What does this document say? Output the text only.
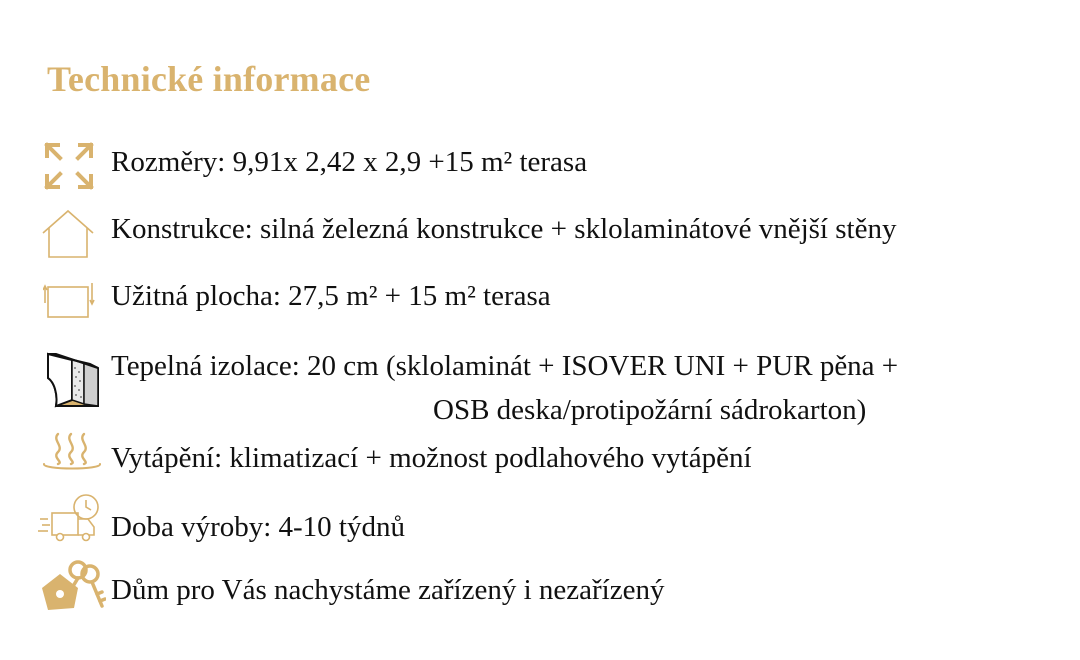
Technické informace
Rozměry: 9,91x 2,42 x 2,9 +15 m² terasa
Konstrukce: silná železná konstrukce + sklolaminátové vnější stěny
Užitná plocha: 27,5 m² + 15 m² terasa
Tepelná izolace: 20 cm (sklolaminát + ISOVER UNI + PUR pěna +
OSB deska/protipožární sádrokarton)
Vytápění: klimatizací + možnost podlahového vytápění
Doba výroby: 4-10 týdnů
Dům pro Vás nachystáme zařízený i nezařízený
